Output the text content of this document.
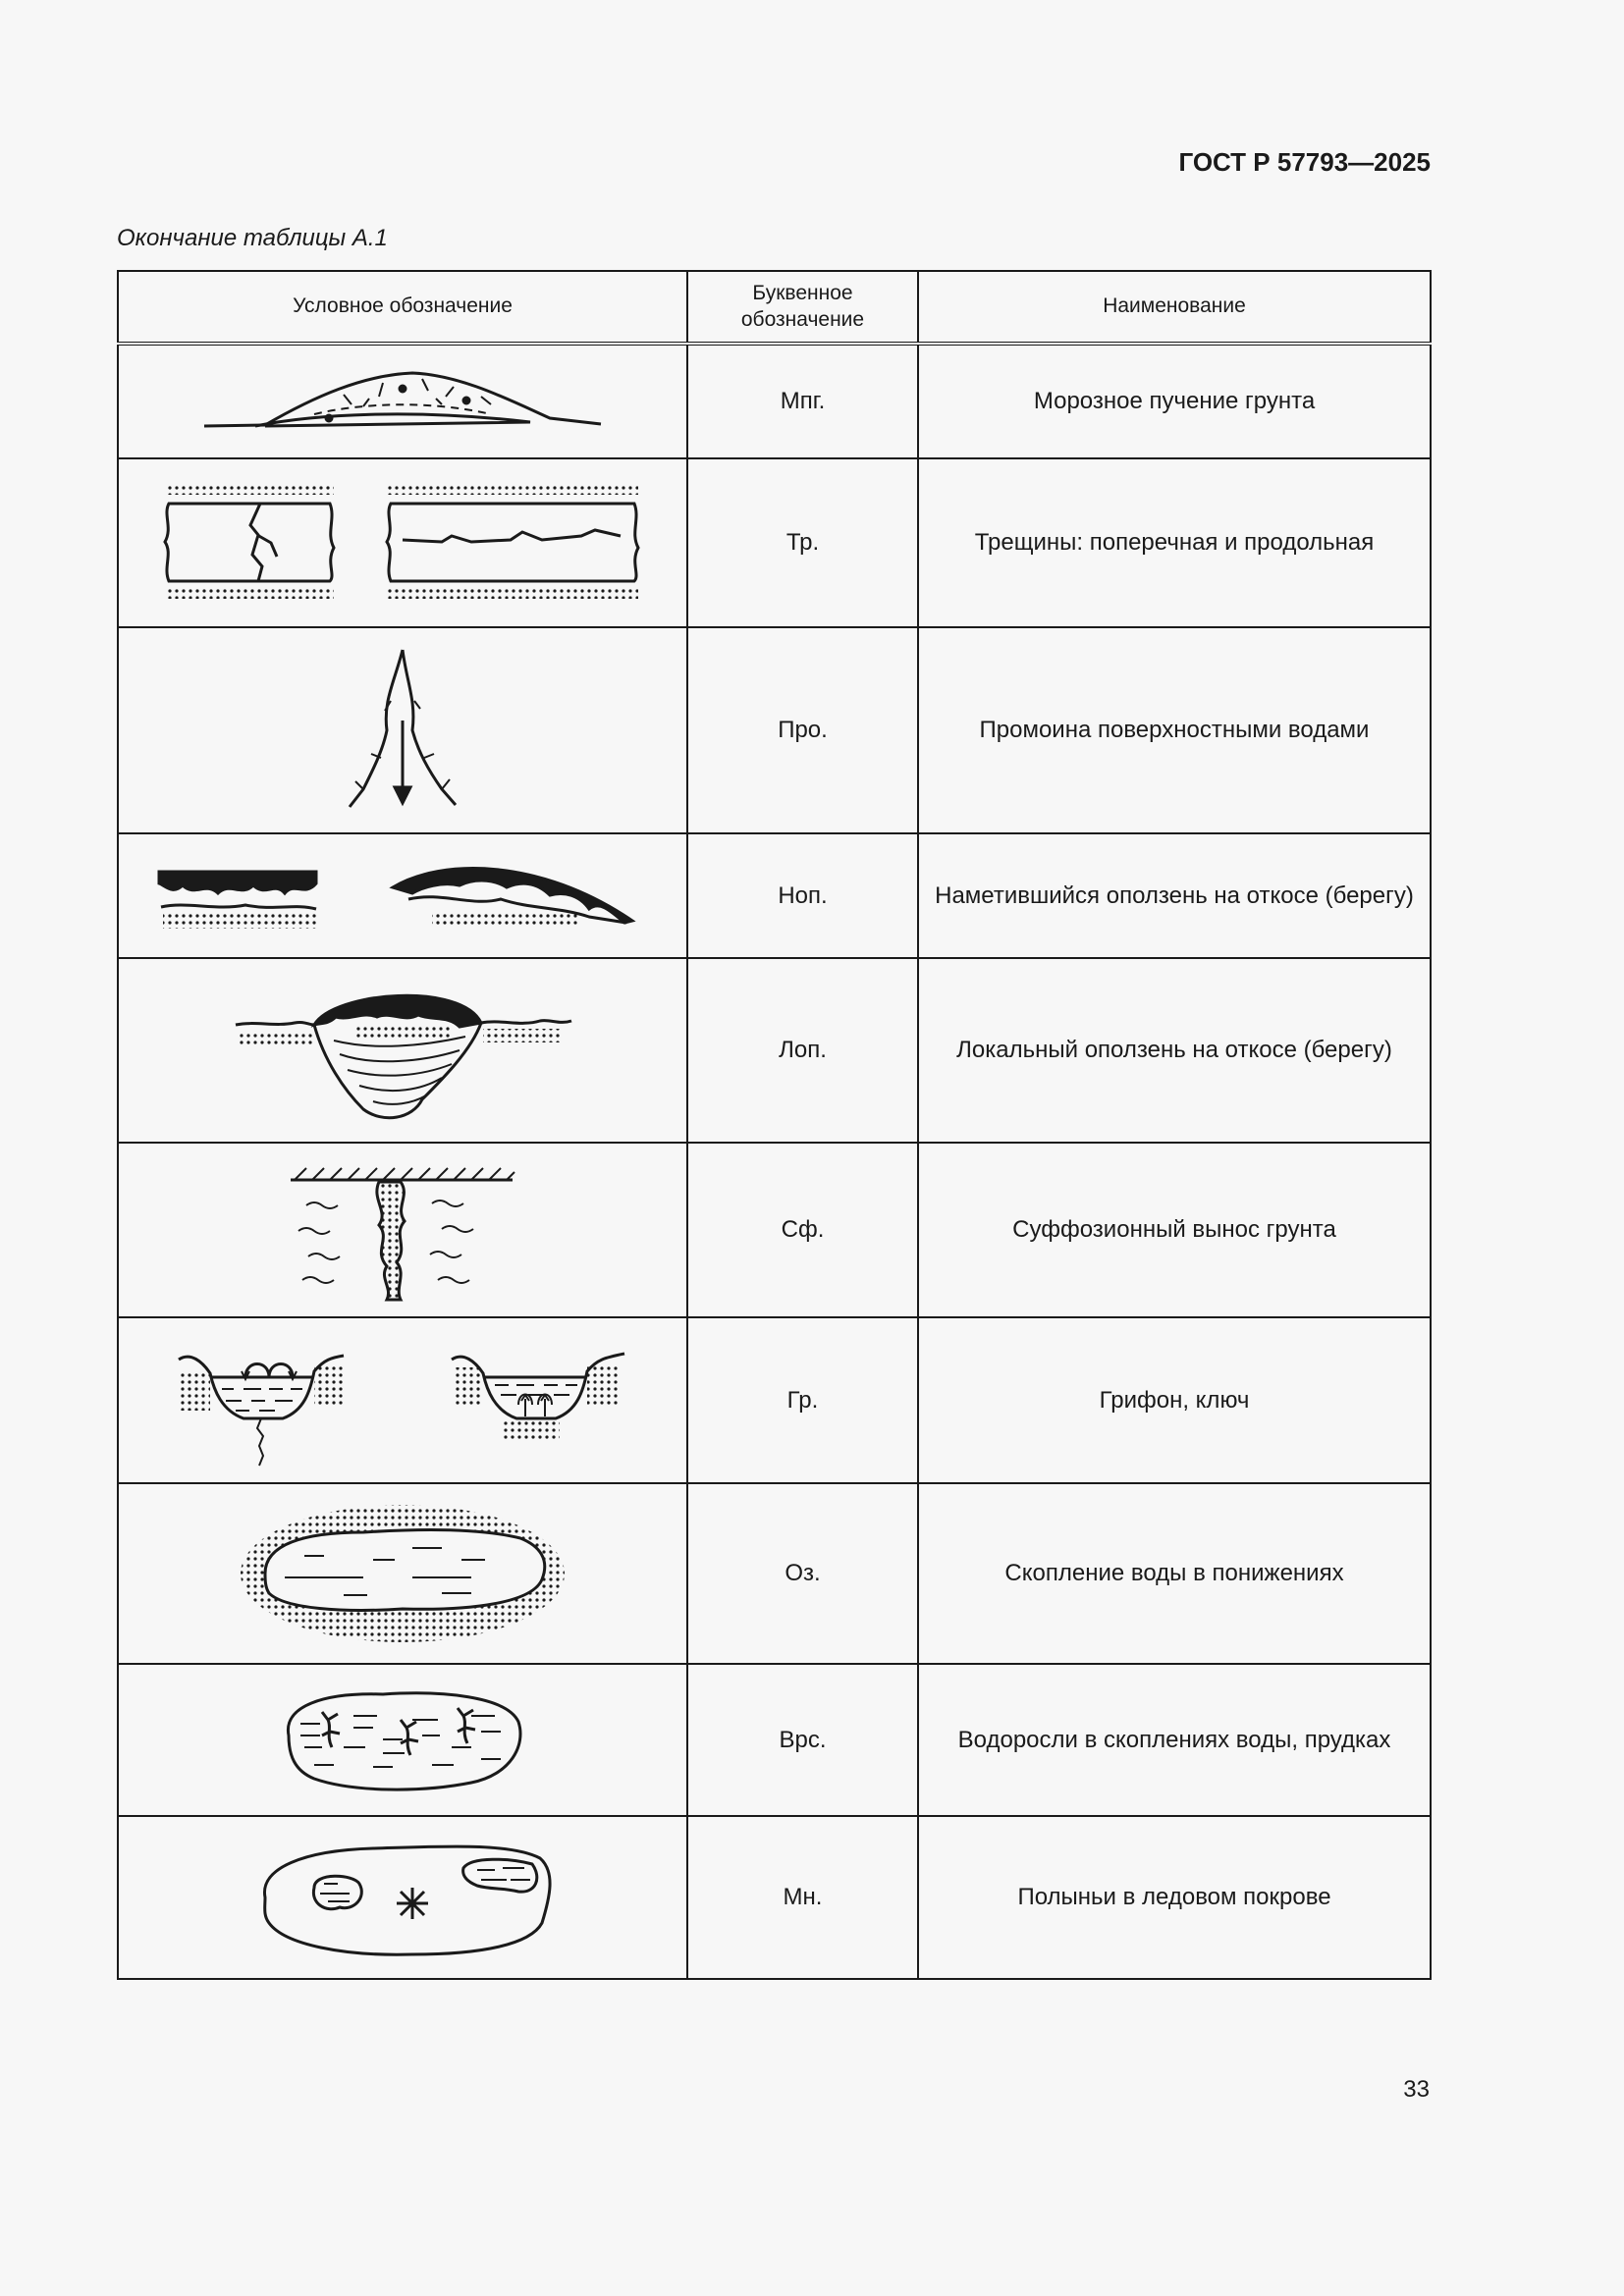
ГОСТ Р 57793—2025
Окончание таблицы А.1
Условное обозначение	Буквенное обозначение	Наименование

	Мпг.	Морозное пучение грунта

	Тр.	Трещины: поперечная и продольная

	Про.	Промоина поверхностными водами

	Ноп.	Наметившийся оползень на откосе (берегу)

	Лоп.	Локальный оползень на откосе (берегу)

	Сф.	Суффозионный вынос грунта

	Гр.	Грифон, ключ

	Оз.	Скопление воды в понижениях

	Врс.	Водоросли в скоплениях воды, прудках

	Мн.	Полыньи в ледовом покрове
33
